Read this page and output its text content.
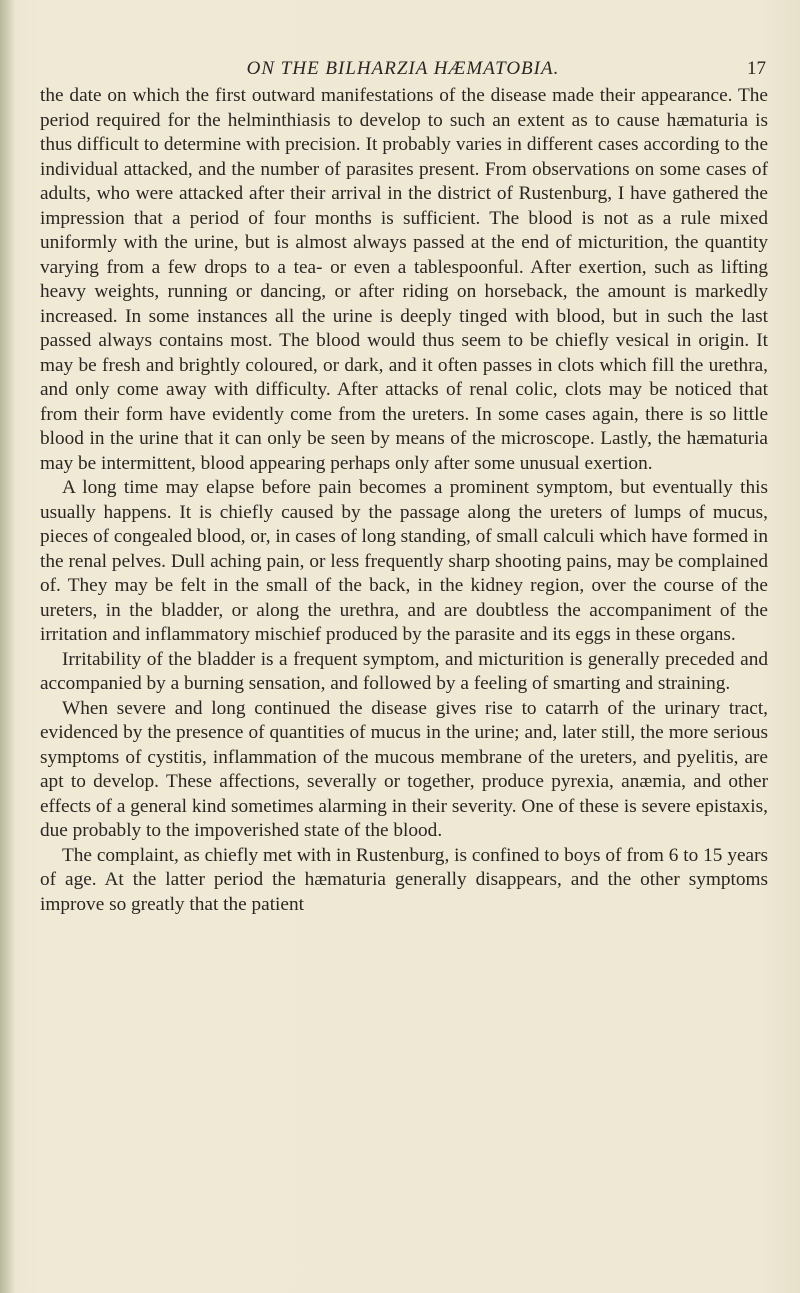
ON THE BILHARZIA HÆMATOBIA.	17

the date on which the first outward manifestations of the disease made their appearance. The period required for the helminthiasis to develop to such an extent as to cause hæmaturia is thus difficult to determine with precision. It probably varies in different cases according to the individual attacked, and the number of parasites present. From observations on some cases of adults, who were attacked after their arrival in the district of Rustenburg, I have gathered the impression that a period of four months is sufficient. The blood is not as a rule mixed uniformly with the urine, but is almost always passed at the end of micturition, the quantity varying from a few drops to a tea- or even a tablespoonful. After exertion, such as lifting heavy weights, running or dancing, or after riding on horseback, the amount is markedly increased. In some instances all the urine is deeply tinged with blood, but in such the last passed always contains most. The blood would thus seem to be chiefly vesical in origin. It may be fresh and brightly coloured, or dark, and it often passes in clots which fill the urethra, and only come away with difficulty. After attacks of renal colic, clots may be noticed that from their form have evidently come from the ureters. In some cases again, there is so little blood in the urine that it can only be seen by means of the microscope. Lastly, the hæmaturia may be intermittent, blood appearing perhaps only after some unusual exertion.

A long time may elapse before pain becomes a prominent symptom, but eventually this usually happens. It is chiefly caused by the passage along the ureters of lumps of mucus, pieces of congealed blood, or, in cases of long standing, of small calculi which have formed in the renal pelves. Dull aching pain, or less frequently sharp shooting pains, may be complained of. They may be felt in the small of the back, in the kidney region, over the course of the ureters, in the bladder, or along the urethra, and are doubtless the accompaniment of the irritation and inflammatory mischief produced by the parasite and its eggs in these organs.

Irritability of the bladder is a frequent symptom, and micturition is generally preceded and accompanied by a burning sensation, and followed by a feeling of smarting and straining.

When severe and long continued the disease gives rise to catarrh of the urinary tract, evidenced by the presence of quantities of mucus in the urine; and, later still, the more serious symptoms of cystitis, inflammation of the mucous membrane of the ureters, and pyelitis, are apt to develop. These affections, severally or together, produce pyrexia, anæmia, and other effects of a general kind sometimes alarming in their severity. One of these is severe epistaxis, due probably to the impoverished state of the blood.

The complaint, as chiefly met with in Rustenburg, is confined to boys of from 6 to 15 years of age. At the latter period the hæmaturia generally disappears, and the other symptoms improve so greatly that the patient
